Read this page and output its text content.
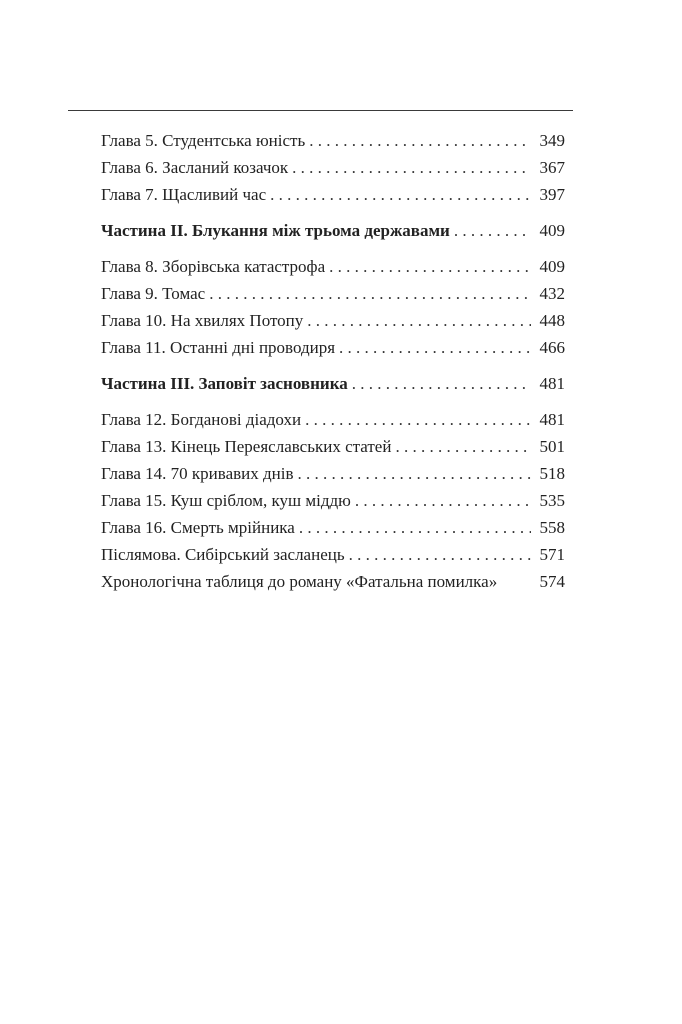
Глава 5. Студентська юність . . .	349
Глава 6. Засланий козачок . . .	367
Глава 7. Щасливий час . . .	397
Частина II. Блукання між трьома державами . . .	409
Глава 8. Зборівська катастрофа . . .	409
Глава 9. Томас . . .	432
Глава 10. На хвилях Потопу . . .	448
Глава 11. Останні дні проводиря . . .	466
Частина III. Заповіт засновника . . .	481
Глава 12. Богданові діадохи . . .	481
Глава 13. Кінець Переяславських статей . . .	501
Глава 14. 70 кривавих днів . . .	518
Глава 15. Куш сріблом, куш міддю . . .	535
Глава 16. Смерть мрійника . . .	558
Післямова. Сибірський засланець . . .	571
Хронологічна таблиця до роману «Фатальна помилка» 574
